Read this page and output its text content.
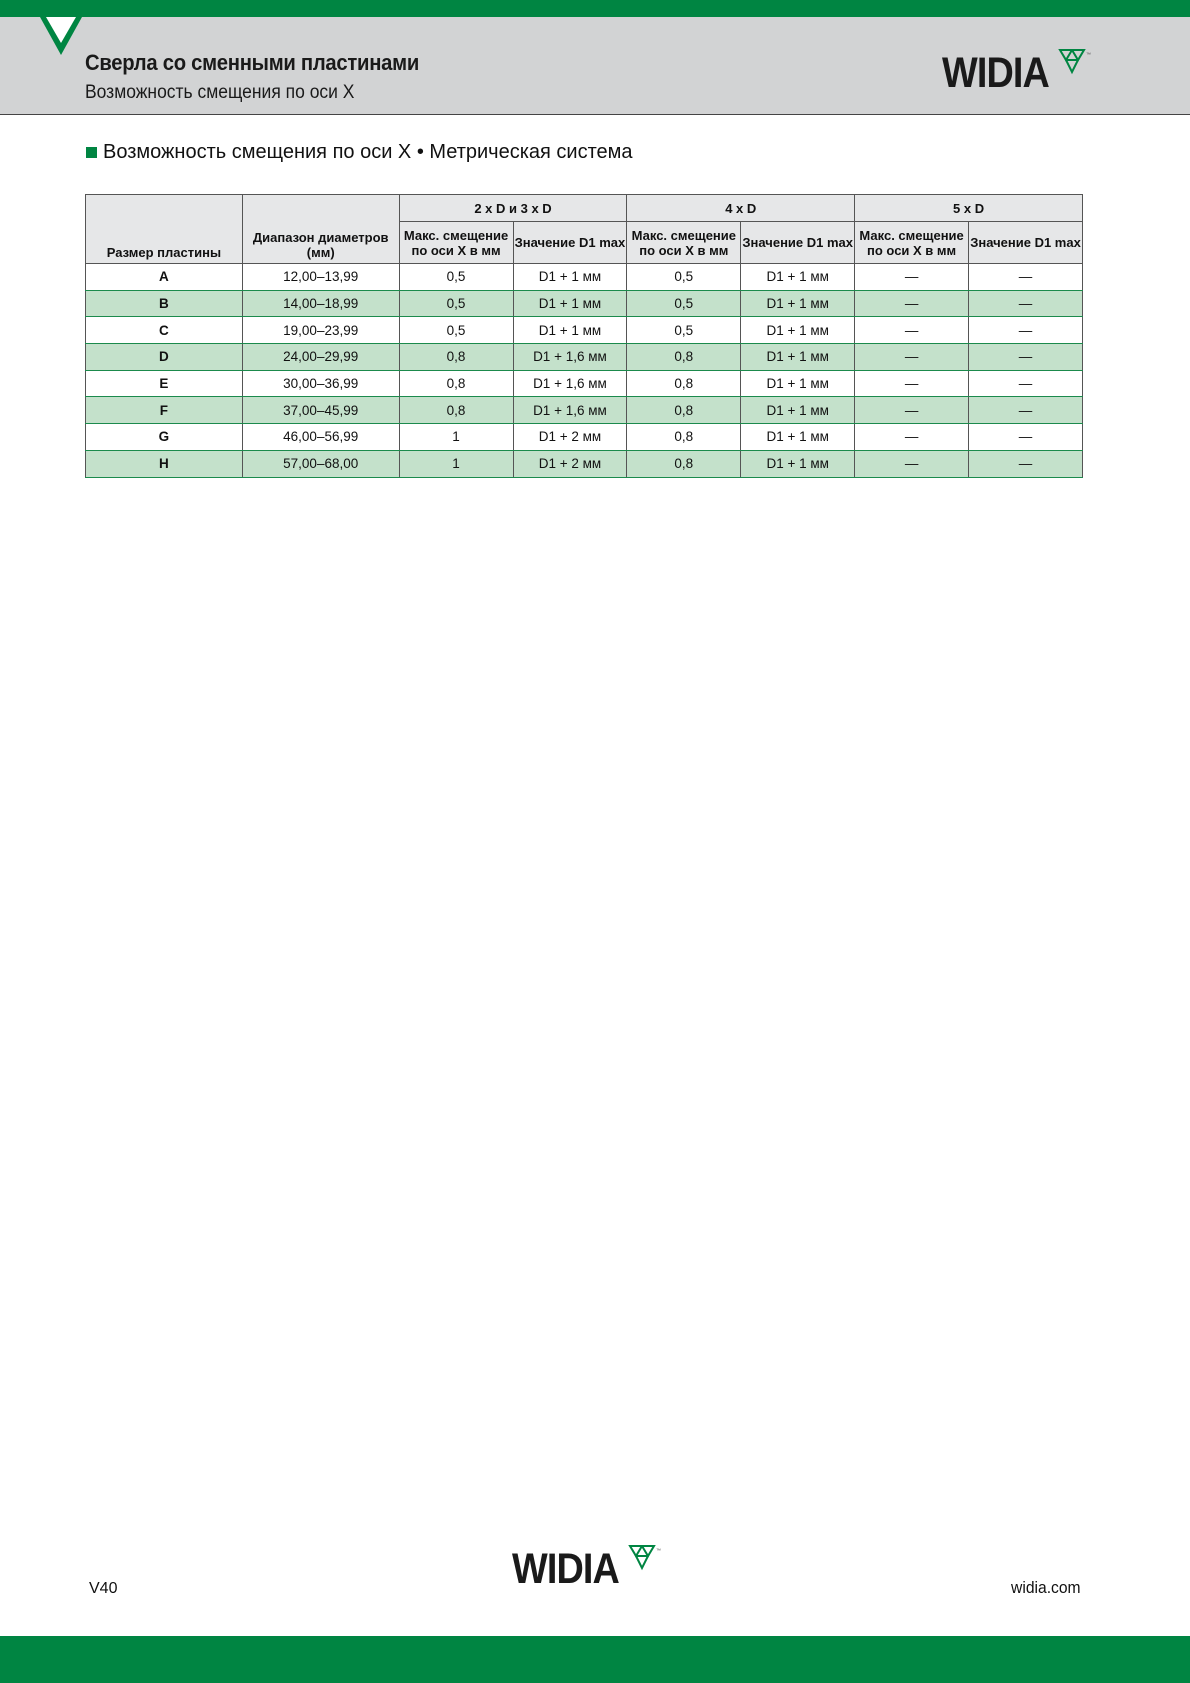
Сверла со сменными пластинами
Возможность смещения по оси X	WIDIA	™
Возможность смещения по оси X • Метрическая система
Размер пластины	Диапазон диаметров (мм)	2 x D и 3 x D		4 x D		5 x D	
		Макс. смещение по оси X в мм	Значение D1 max	Макс. смещение по оси X в мм	Значение D1 max	Макс. смещение по оси X в мм	Значение D1 max
A	12,00–13,99	0,5	D1 + 1 мм	0,5	D1 + 1 мм	—	—
B	14,00–18,99	0,5	D1 + 1 мм	0,5	D1 + 1 мм	—	—
C	19,00–23,99	0,5	D1 + 1 мм	0,5	D1 + 1 мм	—	—
D	24,00–29,99	0,8	D1 + 1,6 мм	0,8	D1 + 1 мм	—	—
E	30,00–36,99	0,8	D1 + 1,6 мм	0,8	D1 + 1 мм	—	—
F	37,00–45,99	0,8	D1 + 1,6 мм	0,8	D1 + 1 мм	—	—
G	46,00–56,99	1	D1 + 2 мм	0,8	D1 + 1 мм	—	—
H	57,00–68,00	1	D1 + 2 мм	0,8	D1 + 1 мм	—	—
V40	WIDIA	™
widia.com
